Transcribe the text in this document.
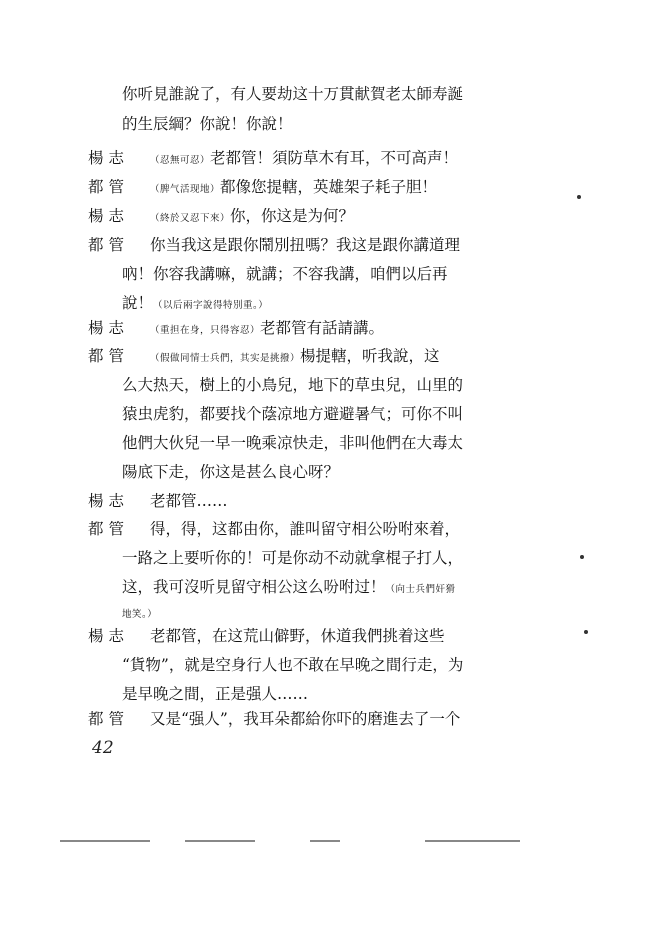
你听見誰說了，有人要劫这十万貫献賀老太師寿誕
的生辰綱？你說！你說！
楊 志	（忍無可忍）老都管！須防草木有耳，不可高声！
都 管	（脾气活现地）都像您提轄，英雄架子耗子胆！
楊 志	（終於又忍下來）你，你这是为何？
都 管 你当我这是跟你鬧別扭嗎？我这是跟你講道理
吶！你容我講嘛，就講；不容我講，咱們以后再
說！（以后兩字說得特別重。）
楊 志	（重担在身，只得容忍）老都管有話請講。
都 管	（假做同情士兵們，其实是挑撥）楊提轄，听我說，这
么大热天，樹上的小鳥兒，地下的草虫兒，山里的
猿虫虎豹，都要找个蔭凉地方避避暑气；可你不叫
他們大伙兒一早一晚乘凉快走，非叫他們在大毒太
陽底下走，你这是甚么良心呀？
楊 志 老都管……
都 管 得，得，这都由你，誰叫留守相公吩咐來着，
一路之上要听你的！可是你动不动就拿棍子打人，
这，我可沒听見留守相公这么吩咐过！（向士兵們奸猾
地笑。）
楊 志 老都管，在这荒山僻野，休道我們挑着这些
“貨物”，就是空身行人也不敢在早晚之間行走，为
是早晚之間，正是强人……
都 管 又是“强人”，我耳朵都給你吓的磨進去了一个
42
